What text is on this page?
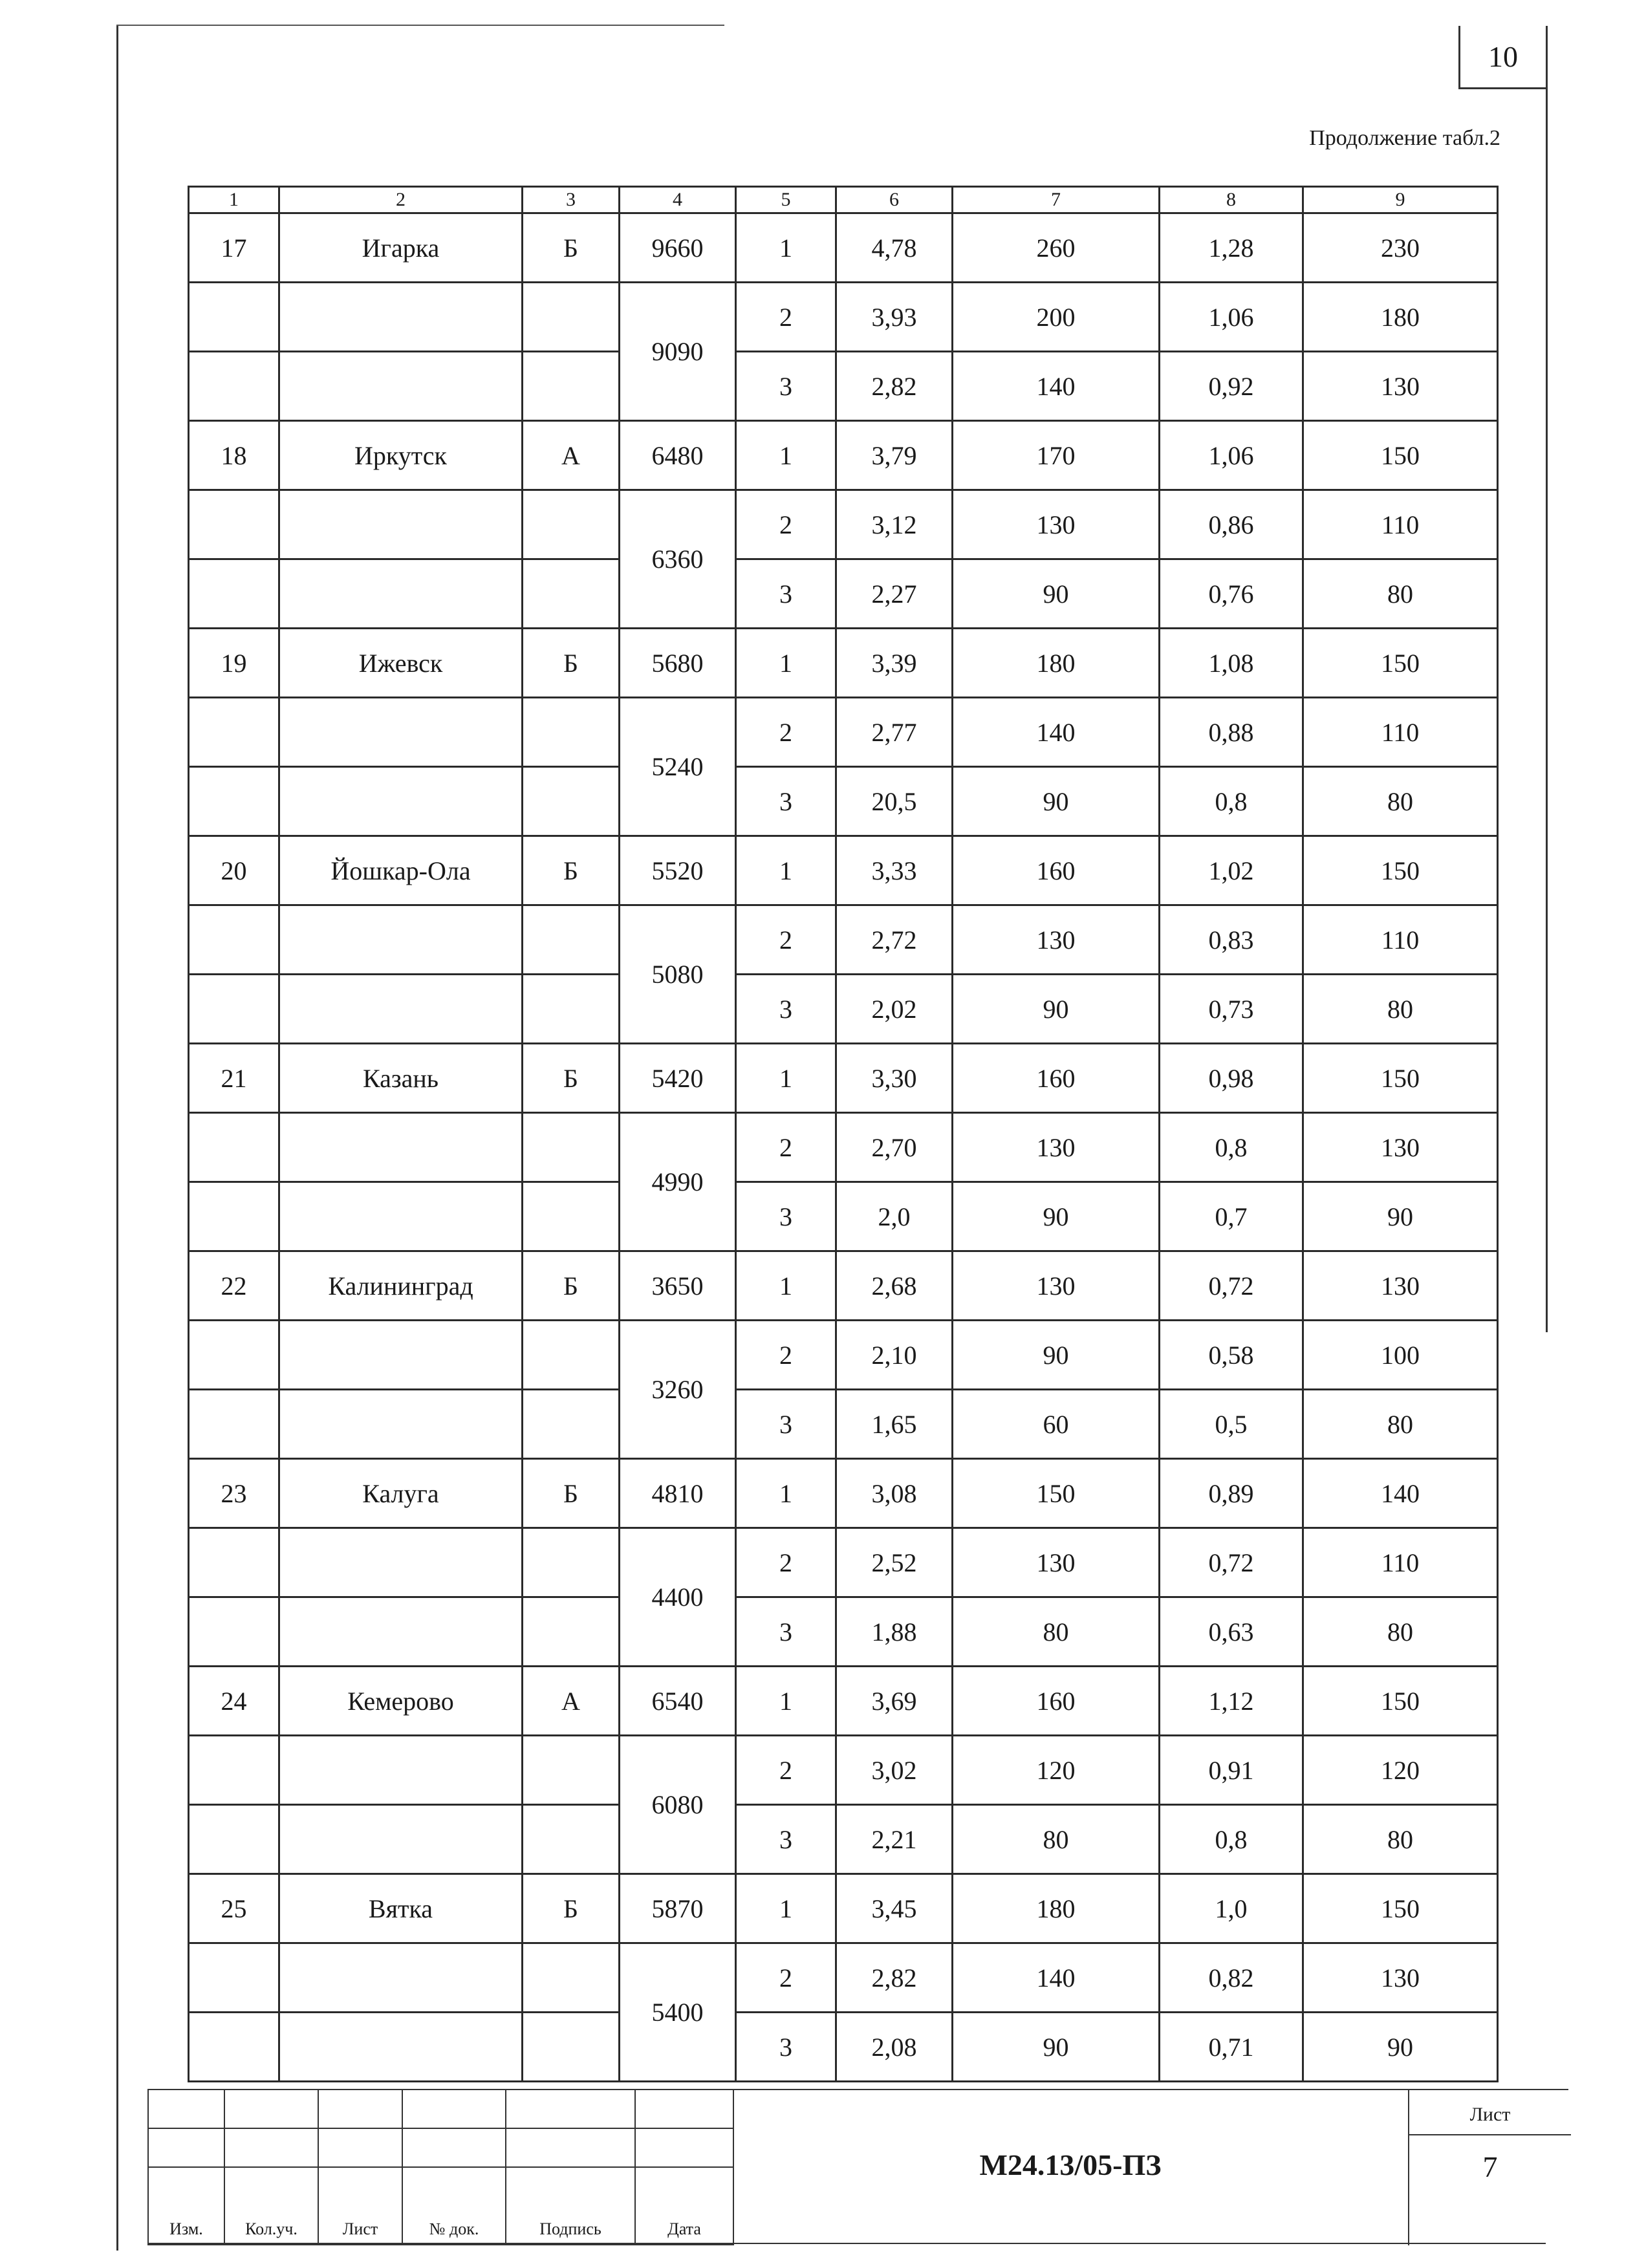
10
Продолжение табл.2
1	2	3	4	5	6	7	8	9
17	Игарка	Б	9660	1	4,78	260	1,28	230
			9090	2	3,93	200	1,06	180
				3	2,82	140	0,92	130
18	Иркутск	А	6480	1	3,79	170	1,06	150
			6360	2	3,12	130	0,86	110
				3	2,27	90	0,76	80
19	Ижевск	Б	5680	1	3,39	180	1,08	150
			5240	2	2,77	140	0,88	110
				3	20,5	90	0,8	80
20	Йошкар-Ола	Б	5520	1	3,33	160	1,02	150
			5080	2	2,72	130	0,83	110
				3	2,02	90	0,73	80
21	Казань	Б	5420	1	3,30	160	0,98	150
			4990	2	2,70	130	0,8	130
				3	2,0	90	0,7	90
22	Калининград	Б	3650	1	2,68	130	0,72	130
			3260	2	2,10	90	0,58	100
				3	1,65	60	0,5	80
23	Калуга	Б	4810	1	3,08	150	0,89	140
			4400	2	2,52	130	0,72	110
				3	1,88	80	0,63	80
24	Кемерово	А	6540	1	3,69	160	1,12	150
			6080	2	3,02	120	0,91	120
				3	2,21	80	0,8	80
25	Вятка	Б	5870	1	3,45	180	1,0	150
			5400	2	2,82	140	0,82	130
				3	2,08	90	0,71	90

Изм.	Кол.уч.	Лист	№ док.	Подпись	Дата
М24.13/05-ПЗ
Лист
7
